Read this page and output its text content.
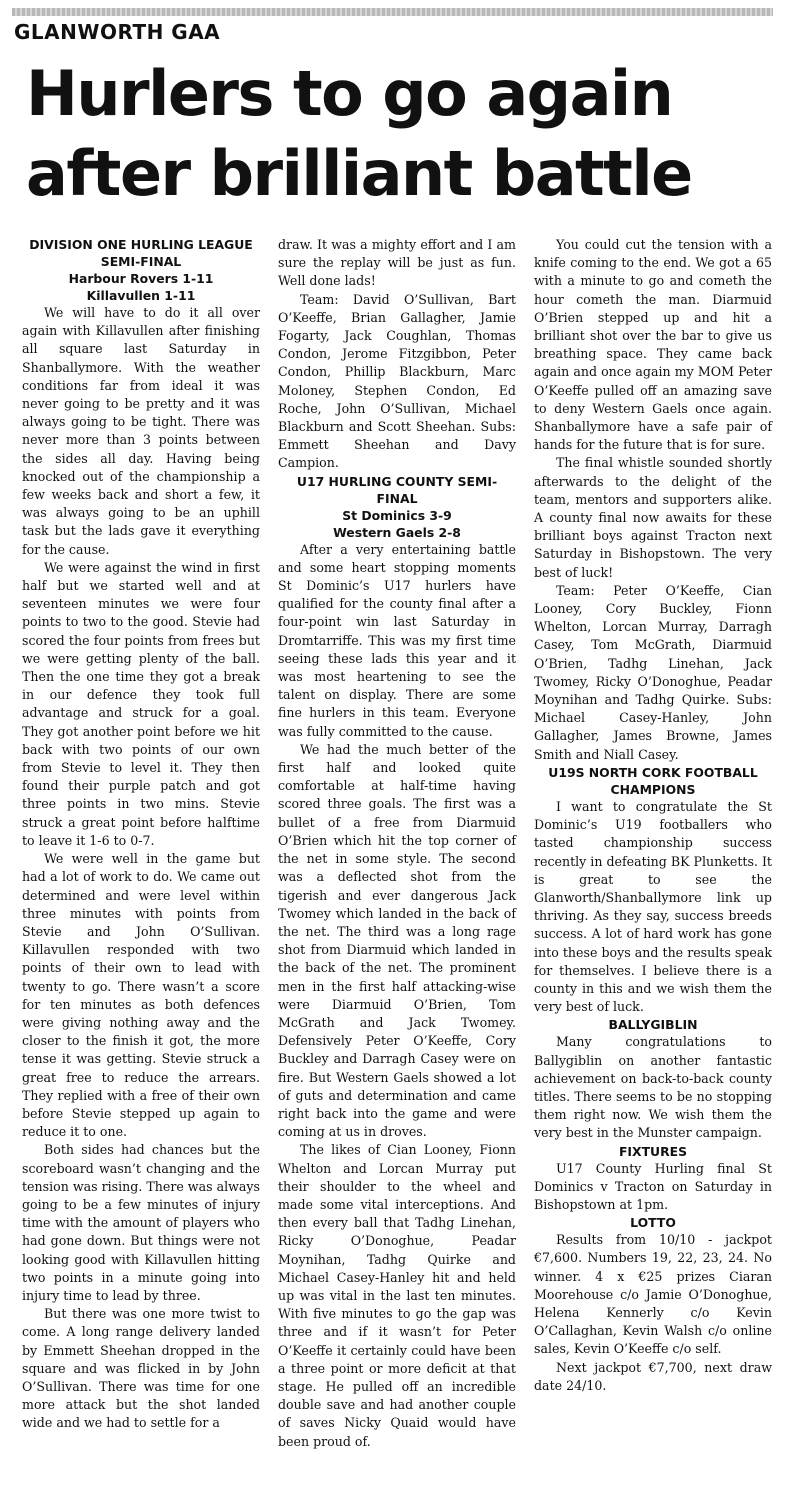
GLANWORTH GAA
Hurlers to go again after brilliant battle
DIVISION ONE HURLING LEAGUE SEMI-FINAL
Harbour Rovers 1-11
Killavullen 1-11

We will have to do it all over again with Killavullen after finishing all square last Saturday in Shanballymore. With the weather conditions far from ideal it was never going to be pretty and it was always going to be tight. There was never more than 3 points between the sides all day. Having being knocked out of the championship a few weeks back and short a few, it was always going to be an uphill task but the lads gave it everything for the cause.

We were against the wind in first half but we started well and at seventeen minutes we were four points to two to the good. Stevie had scored the four points from frees but we were getting plenty of the ball. Then the one time they got a break in our defence they took full advantage and struck for a goal. They got another point before we hit back with two points of our own from Stevie to level it. They then found their purple patch and got three points in two mins. Stevie struck a great point before halftime to leave it 1-6 to 0-7.

We were well in the game but had a lot of work to do. We came out determined and were level within three minutes with points from Stevie and John O’Sullivan. Killavullen responded with two points of their own to lead with twenty to go. There wasn’t a score for ten minutes as both defences were giving nothing away and the closer to the finish it got, the more tense it was getting. Stevie struck a great free to reduce the arrears. They replied with a free of their own before Stevie stepped up again to reduce it to one.

Both sides had chances but the scoreboard wasn’t changing and the tension was rising. There was always going to be a few minutes of injury time with the amount of players who had gone down. But things were not looking good with Killavullen hitting two points in a minute going into injury time to lead by three.

But there was one more twist to come. A long range delivery landed by Emmett Sheehan dropped in the square and was flicked in by John O’Sullivan. There was time for one more attack but the shot landed wide and we had to settle for a

draw. It was a mighty effort and I am sure the replay will be just as fun. Well done lads!

Team: David O’Sullivan, Bart O’Keeffe, Brian Gallagher, Jamie Fogarty, Jack Coughlan, Thomas Condon, Jerome Fitzgibbon, Peter Condon, Phillip Blackburn, Marc Moloney, Stephen Condon, Ed Roche, John O’Sullivan, Michael Blackburn and Scott Sheehan. Subs: Emmett Sheehan and Davy Campion.

U17 HURLING COUNTY SEMI-FINAL
St Dominics 3-9
Western Gaels 2-8

After a very entertaining battle and some heart stopping moments St Dominic’s U17 hurlers have qualified for the county final after a four-point win last Saturday in Dromtarriffe. This was my first time seeing these lads this year and it was most heartening to see the talent on display. There are some fine hurlers in this team. Everyone was fully committed to the cause.

We had the much better of the first half and looked quite comfortable at half-time having scored three goals. The first was a bullet of a free from Diarmuid O’Brien which hit the top corner of the net in some style. The second was a deflected shot from the tigerish and ever dangerous Jack Twomey which landed in the back of the net. The third was a long rage shot from Diarmuid which landed in the back of the net. The prominent men in the first half attacking-wise were Diarmuid O’Brien, Tom McGrath and Jack Twomey. Defensively Peter O’Keeffe, Cory Buckley and Darragh Casey were on fire. But Western Gaels showed a lot of guts and determination and came right back into the game and were coming at us in droves.

The likes of Cian Looney, Fionn Whelton and Lorcan Murray put their shoulder to the wheel and made some vital interceptions. And then every ball that Tadhg Linehan, Ricky O’Donoghue, Peadar Moynihan, Tadhg Quirke and Michael Casey-Hanley hit and held up was vital in the last ten minutes. With five minutes to go the gap was three and if it wasn’t for Peter O’Keeffe it certainly could have been a three point or more deficit at that stage. He pulled off an incredible double save and had another couple of saves Nicky Quaid would have been proud of.

You could cut the tension with a knife coming to the end. We got a 65 with a minute to go and cometh the hour cometh the man. Diarmuid O’Brien stepped up and hit a brilliant shot over the bar to give us breathing space. They came back again and once again my MOM Peter O’Keeffe pulled off an amazing save to deny Western Gaels once again. Shanballymore have a safe pair of hands for the future that is for sure.

The final whistle sounded shortly afterwards to the delight of the team, mentors and supporters alike. A county final now awaits for these brilliant boys against Tracton next Saturday in Bishopstown. The very best of luck!

Team: Peter O’Keeffe, Cian Looney, Cory Buckley, Fionn Whelton, Lorcan Murray, Darragh Casey, Tom McGrath, Diarmuid O’Brien, Tadhg Linehan, Jack Twomey, Ricky O’Donoghue, Peadar Moynihan and Tadhg Quirke. Subs: Michael Casey-Hanley, John Gallagher, James Browne, James Smith and Niall Casey.

U19S NORTH CORK FOOTBALL CHAMPIONS

I want to congratulate the St Dominic’s U19 footballers who tasted championship success recently in defeating BK Plunketts. It is great to see the Glanworth/Shanballymore link up thriving. As they say, success breeds success. A lot of hard work has gone into these boys and the results speak for themselves. I believe there is a county in this and we wish them the very best of luck.

BALLYGIBLIN

Many congratulations to Ballygiblin on another fantastic achievement on back-to-back county titles. There seems to be no stopping them right now. We wish them the very best in the Munster campaign.

FIXTURES

U17 County Hurling final St Dominics v Tracton on Saturday in Bishopstown at 1pm.

LOTTO

Results from 10/10 - jackpot €7,600. Numbers 19, 22, 23, 24. No winner. 4 x €25 prizes Ciaran Moorehouse c/o Jamie O’Donoghue, Helena Kennerly c/o Kevin O’Callaghan, Kevin Walsh c/o online sales, Kevin O’Keeffe c/o self.

Next jackpot €7,700, next draw date 24/10.
